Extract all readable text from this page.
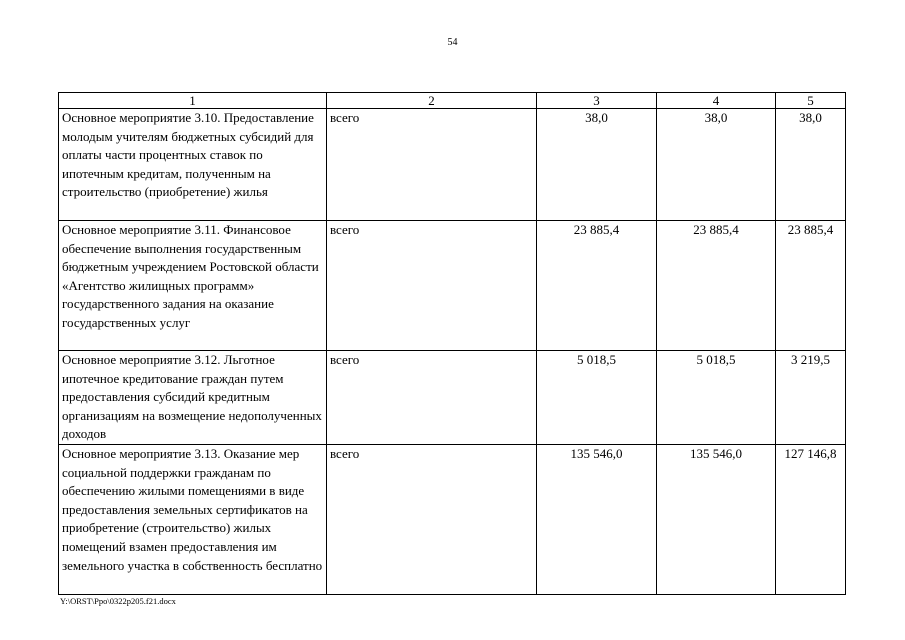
54
1	2	3	4	5
Основное мероприятие 3.10. Предоставление молодым учителям бюджетных субсидий для оплаты части процентных ставок по ипотечным кредитам, полученным на строительство (приобретение) жилья	всего	38,0	38,0	38,0
Основное мероприятие 3.11. Финансовое обеспечение выполнения государственным бюджетным учреждением Ростовской области «Агентство жилищных программ» государственного задания на оказание государственных услуг	всего	23 885,4	23 885,4	23 885,4
Основное мероприятие 3.12. Льготное ипотечное кредитование граждан путем предоставления субсидий кредитным организациям на возмещение недополученных доходов	всего	5 018,5	5 018,5	3 219,5
Основное мероприятие 3.13. Оказание мер социальной поддержки гражданам по обеспечению жилыми помещениями в виде предоставления земельных сертификатов на приобретение (строительство) жилых помещений взамен предоставления им земельного участка в собственность бесплатно	всего	135 546,0	135 546,0	127 146,8
Y:\ORST\Ppo\0322p205.f21.docx
